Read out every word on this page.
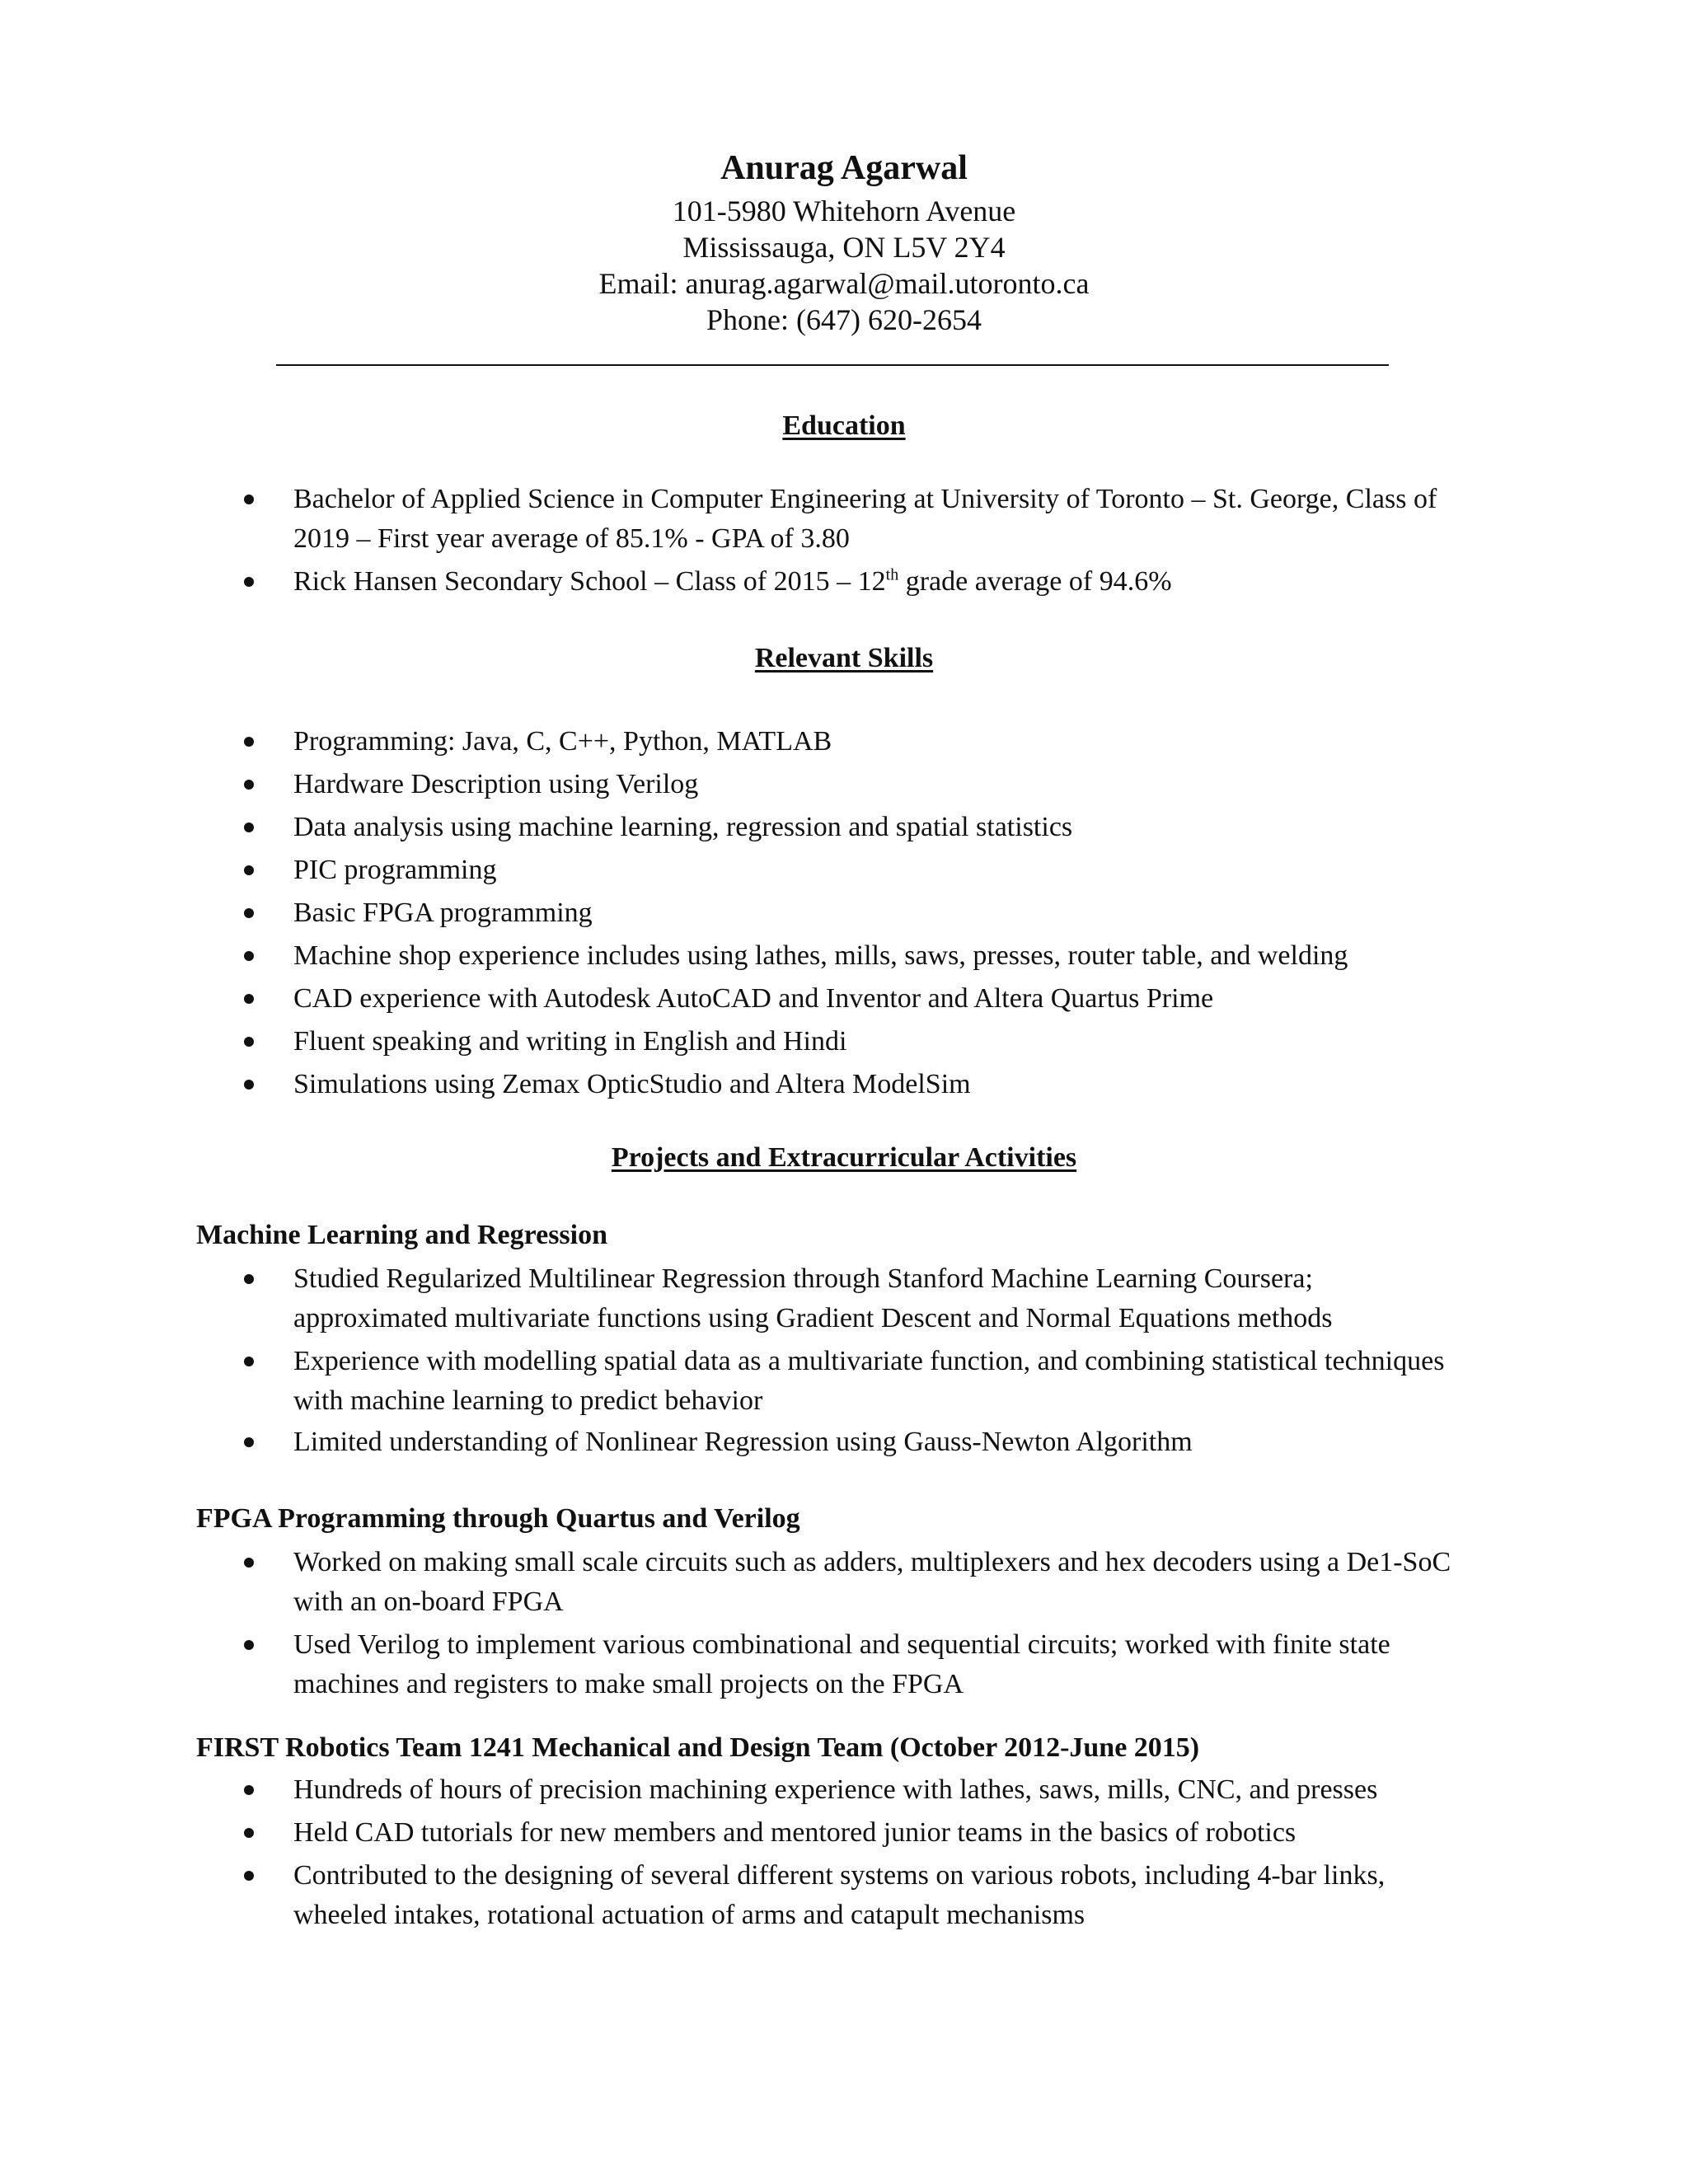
Anurag Agarwal
101-5980 Whitehorn Avenue
Mississauga, ON L5V 2Y4
Email: anurag.agarwal@mail.utoronto.ca
Phone: (647) 620-2654
Education
Bachelor of Applied Science in Computer Engineering at University of Toronto – St. George, Class of 2019 – First year average of 85.1% - GPA of 3.80
Rick Hansen Secondary School – Class of 2015 – 12th grade average of 94.6%
Relevant Skills
Programming: Java, C, C++, Python, MATLAB
Hardware Description using Verilog
Data analysis using machine learning, regression and spatial statistics
PIC programming
Basic FPGA programming
Machine shop experience includes using lathes, mills, saws, presses, router table, and welding
CAD experience with Autodesk AutoCAD and Inventor and Altera Quartus Prime
Fluent speaking and writing in English and Hindi
Simulations using Zemax OpticStudio and Altera ModelSim
Projects and Extracurricular Activities
Machine Learning and Regression
Studied Regularized Multilinear Regression through Stanford Machine Learning Coursera; approximated multivariate functions using Gradient Descent and Normal Equations methods
Experience with modelling spatial data as a multivariate function, and combining statistical techniques with machine learning to predict behavior
Limited understanding of Nonlinear Regression using Gauss-Newton Algorithm
FPGA Programming through Quartus and Verilog
Worked on making small scale circuits such as adders, multiplexers and hex decoders using a De1-SoC with an on-board FPGA
Used Verilog to implement various combinational and sequential circuits; worked with finite state machines and registers to make small projects on the FPGA
FIRST Robotics Team 1241 Mechanical and Design Team (October 2012-June 2015)
Hundreds of hours of precision machining experience with lathes, saws, mills, CNC, and presses
Held CAD tutorials for new members and mentored junior teams in the basics of robotics
Contributed to the designing of several different systems on various robots, including 4-bar links, wheeled intakes, rotational actuation of arms and catapult mechanisms
